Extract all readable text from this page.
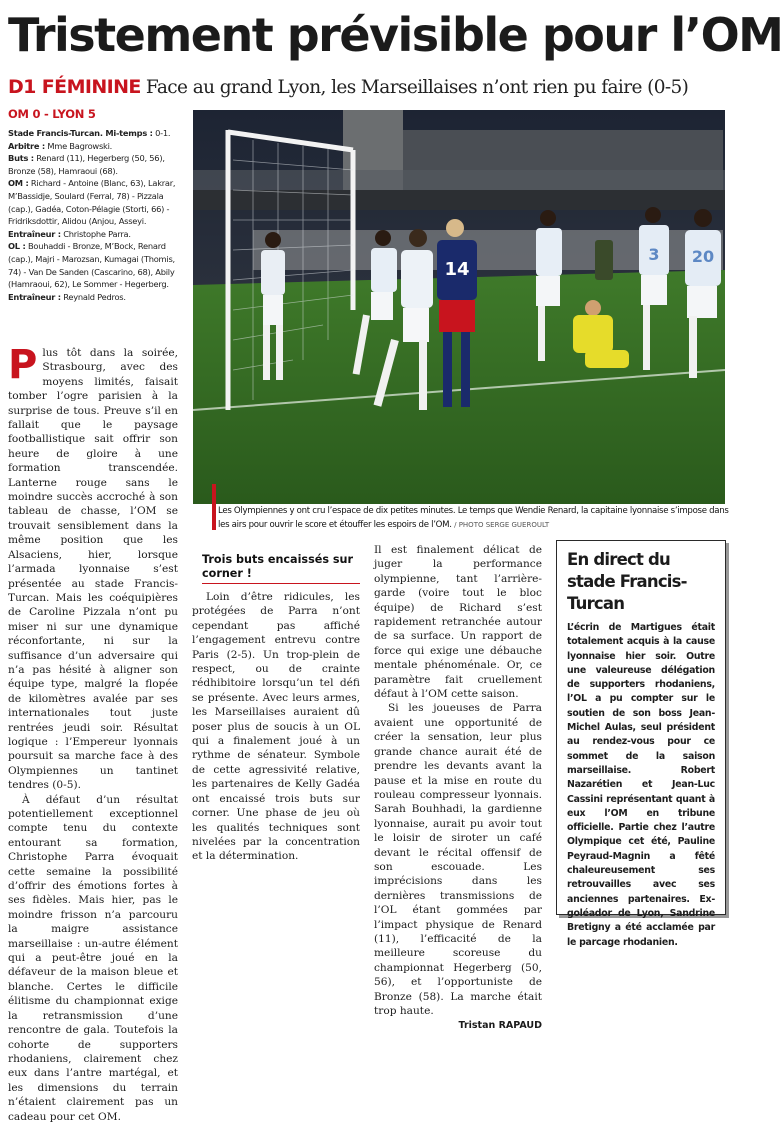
Tristement prévisible pour l’OM
D1 FÉMININE Face au grand Lyon, les Marseillaises n’ont rien pu faire (0-5)
OM 0 - LYON 5
Stade Francis-Turcan. Mi-temps : 0-1.
Arbitre : Mme Bagrowski.
Buts : Renard (11), Hegerberg (50, 56), Bronze (58), Hamraoui (68).
OM : Richard - Antoine (Blanc, 63), Lakrar, M’Bassidje, Soulard (Ferral, 78) - Pizzala (cap.), Gadéa, Coton-Pélagie (Storti, 66) - Fridriksdottir, Alidou (Anjou, Asseyi.
Entraîneur : Christophe Parra.
OL : Bouhaddi - Bronze, M’Bock, Renard (cap.), Majri - Marozsan, Kumagai (Thomis, 74) - Van De Sanden (Cascarino, 68), Abily (Hamraoui, 62), Le Sommer - Hegerberg.
Entraîneur : Reynald Pedros.
14
3 20
Les Olympiennes y ont cru l’espace de dix petites minutes. Le temps que Wendie Renard, la capitaine lyonnaise s’impose dans les airs pour ouvrir le score et étouffer les espoirs de l’OM. / PHOTO SERGE GUEROULT

P lus tôt dans la soirée, Strasbourg, avec des moyens limités, faisait tomber l’ogre parisien à la surprise de tous. Preuve s’il en fallait que le paysage footballistique sait offrir son heure de gloire à une formation transcendée. Lanterne rouge sans le moindre succès accroché à son tableau de chasse, l’OM se trouvait sensiblement dans la même position que les Alsaciens, hier, lorsque l’armada lyonnaise s’est présentée au stade Francis-Turcan. Mais les coéquipières de Caroline Pizzala n’ont pu miser ni sur une dynamique réconfortante, ni sur la suffisance d’un adversaire qui n’a pas hésité à aligner son équipe type, malgré la flopée de kilomètres avalée par ses internationales tout juste rentrées jeudi soir. Résultat logique : l’Empereur lyonnais poursuit sa marche face à des Olympiennes un tantinet tendres (0-5).

À défaut d’un résultat potentiellement exceptionnel compte tenu du contexte entourant sa formation, Christophe Parra évoquait cette semaine la possibilité d’offrir des émotions fortes à ses fidèles. Mais hier, pas le moindre frisson n’a parcouru la maigre assistance marseillaise : un-autre élément qui a peut-être joué en la défaveur de la maison bleue et blanche. Certes le difficile élitisme du championnat exige la retransmission d’une rencontre de gala. Toutefois la cohorte de supporters rhodaniens, clairement chez eux dans l’antre martégal, et les dimensions du terrain n’étaient clairement pas un cadeau pour cet OM.

Trois buts encaissés sur corner !

Loin d’être ridicules, les protégées de Parra n’ont cependant pas affiché l’engagement entrevu contre Paris (2-5). Un trop-plein de respect, ou de crainte rédhibitoire lorsqu’un tel défi se présente. Avec leurs armes, les Marseillaises auraient dû poser plus de soucis à un OL qui a finalement joué à un rythme de sénateur. Symbole de cette agressivité relative, les partenaires de Kelly Gadéa ont encaissé trois buts sur corner. Une phase de jeu où les qualités techniques sont nivelées par la concentration et la détermination.

Il est finalement délicat de juger la performance olympienne, tant l’arrière-garde (voire tout le bloc équipe) de Richard s’est rapidement retranchée autour de sa surface. Un rapport de force qui exige une débauche mentale phénoménale. Or, ce paramètre fait cruellement défaut à l’OM cette saison.

Si les joueuses de Parra avaient une opportunité de créer la sensation, leur plus grande chance aurait été de prendre les devants avant la pause et la mise en route du rouleau compresseur lyonnais. Sarah Bouhhadi, la gardienne lyonnaise, aurait pu avoir tout le loisir de siroter un café devant le récital offensif de son escouade. Les imprécisions dans les dernières transmissions de l’OL étant gommées par l’impact physique de Renard (11), l’efficacité de la meilleure scoreuse du championnat Hegerberg (50, 56), et l’opportuniste de Bronze (58). La marche était trop haute.

Tristan RAPAUD
En direct du stade Francis-Turcan
L’écrin de Martigues était totalement acquis à la cause lyonnaise hier soir. Outre une valeureuse délégation de supporters rhodaniens, l’OL a pu compter sur le soutien de son boss Jean-Michel Aulas, seul président au rendez-vous pour ce sommet de la saison marseillaise. Robert Nazarétien et Jean-Luc Cassini représentant quant à eux l’OM en tribune officielle. Partie chez l’autre Olympique cet été, Pauline Peyraud-Magnin a fêté chaleureusement ses retrouvailles avec ses anciennes partenaires. Ex-goléador de Lyon, Sandrine Bretigny a été acclamée par le parcage rhodanien.
